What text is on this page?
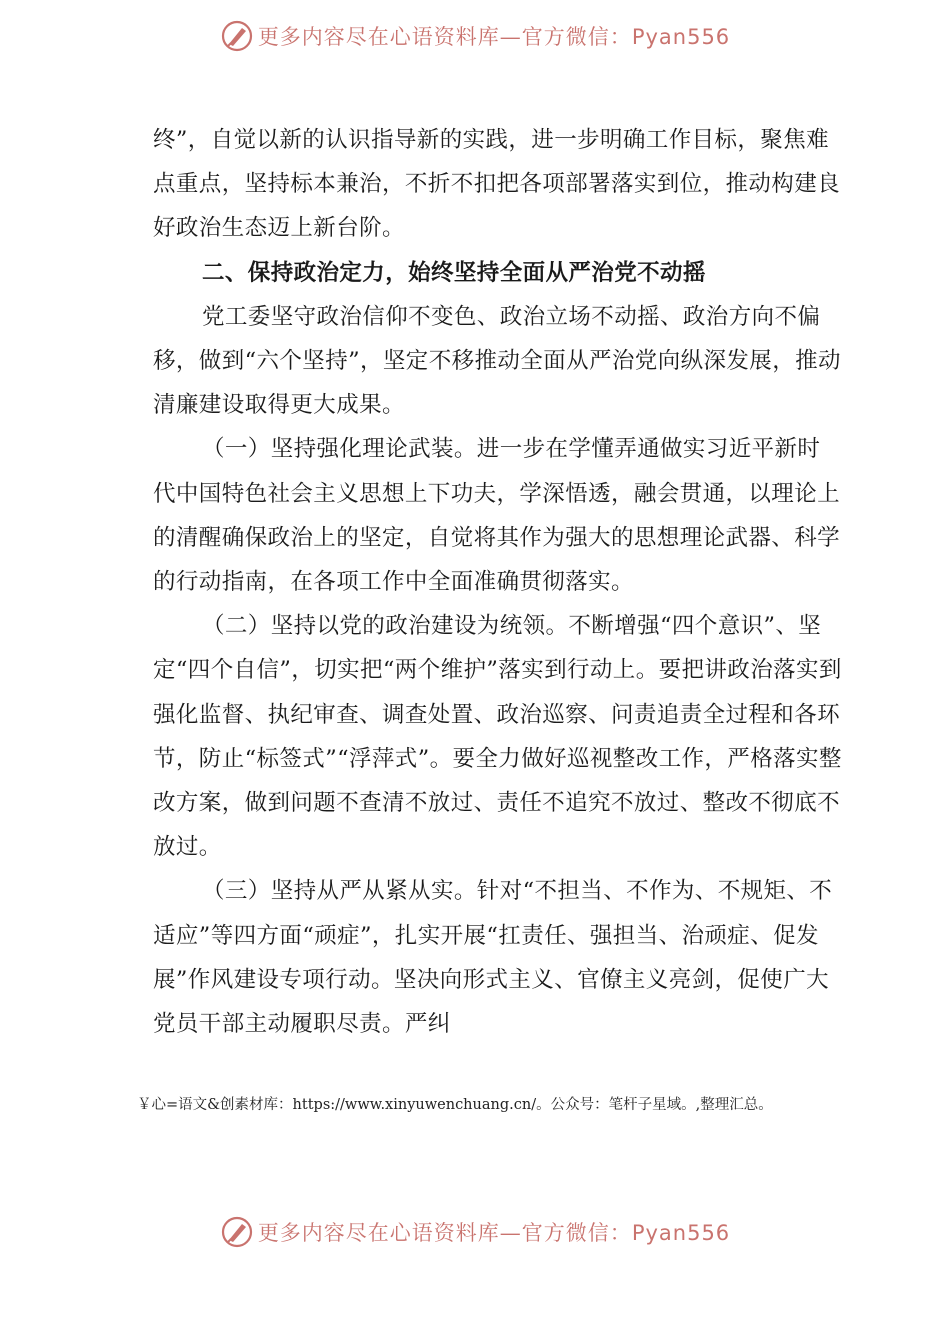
更多内容尽在心语资料库—官方微信：Pyan556

终”，自觉以新的认识指导新的实践，进一步明确工作目标，聚焦难点重点，坚持标本兼治，不折不扣把各项部署落实到位，推动构建良好政治生态迈上新台阶。

二、保持政治定力，始终坚持全面从严治党不动摇

党工委坚守政治信仰不变色、政治立场不动摇、政治方向不偏移，做到“六个坚持”，坚定不移推动全面从严治党向纵深发展，推动清廉建设取得更大成果。

（一）坚持强化理论武装。进一步在学懂弄通做实习近平新时代中国特色社会主义思想上下功夫，学深悟透，融会贯通，以理论上的清醒确保政治上的坚定，自觉将其作为强大的思想理论武器、科学的行动指南，在各项工作中全面准确贯彻落实。

（二）坚持以党的政治建设为统领。不断增强“四个意识”、坚定“四个自信”，切实把“两个维护”落实到行动上。要把讲政治落实到强化监督、执纪审查、调查处置、政治巡察、问责追责全过程和各环节，防止“标签式”“浮萍式”。要全力做好巡视整改工作，严格落实整改方案，做到问题不查清不放过、责任不追究不放过、整改不彻底不放过。

（三）坚持从严从紧从实。针对“不担当、不作为、不规矩、不适应”等四方面“顽症”，扎实开展“扛责任、强担当、治顽症、促发展”作风建设专项行动。坚决向形式主义、官僚主义亮剑，促使广大党员干部主动履职尽责。严纠

￥心=语文&创素材库：https://www.xinyuwenchuang.cn/。公众号：笔杆子星域。,整理汇总。
更多内容尽在心语资料库—官方微信：Pyan556
